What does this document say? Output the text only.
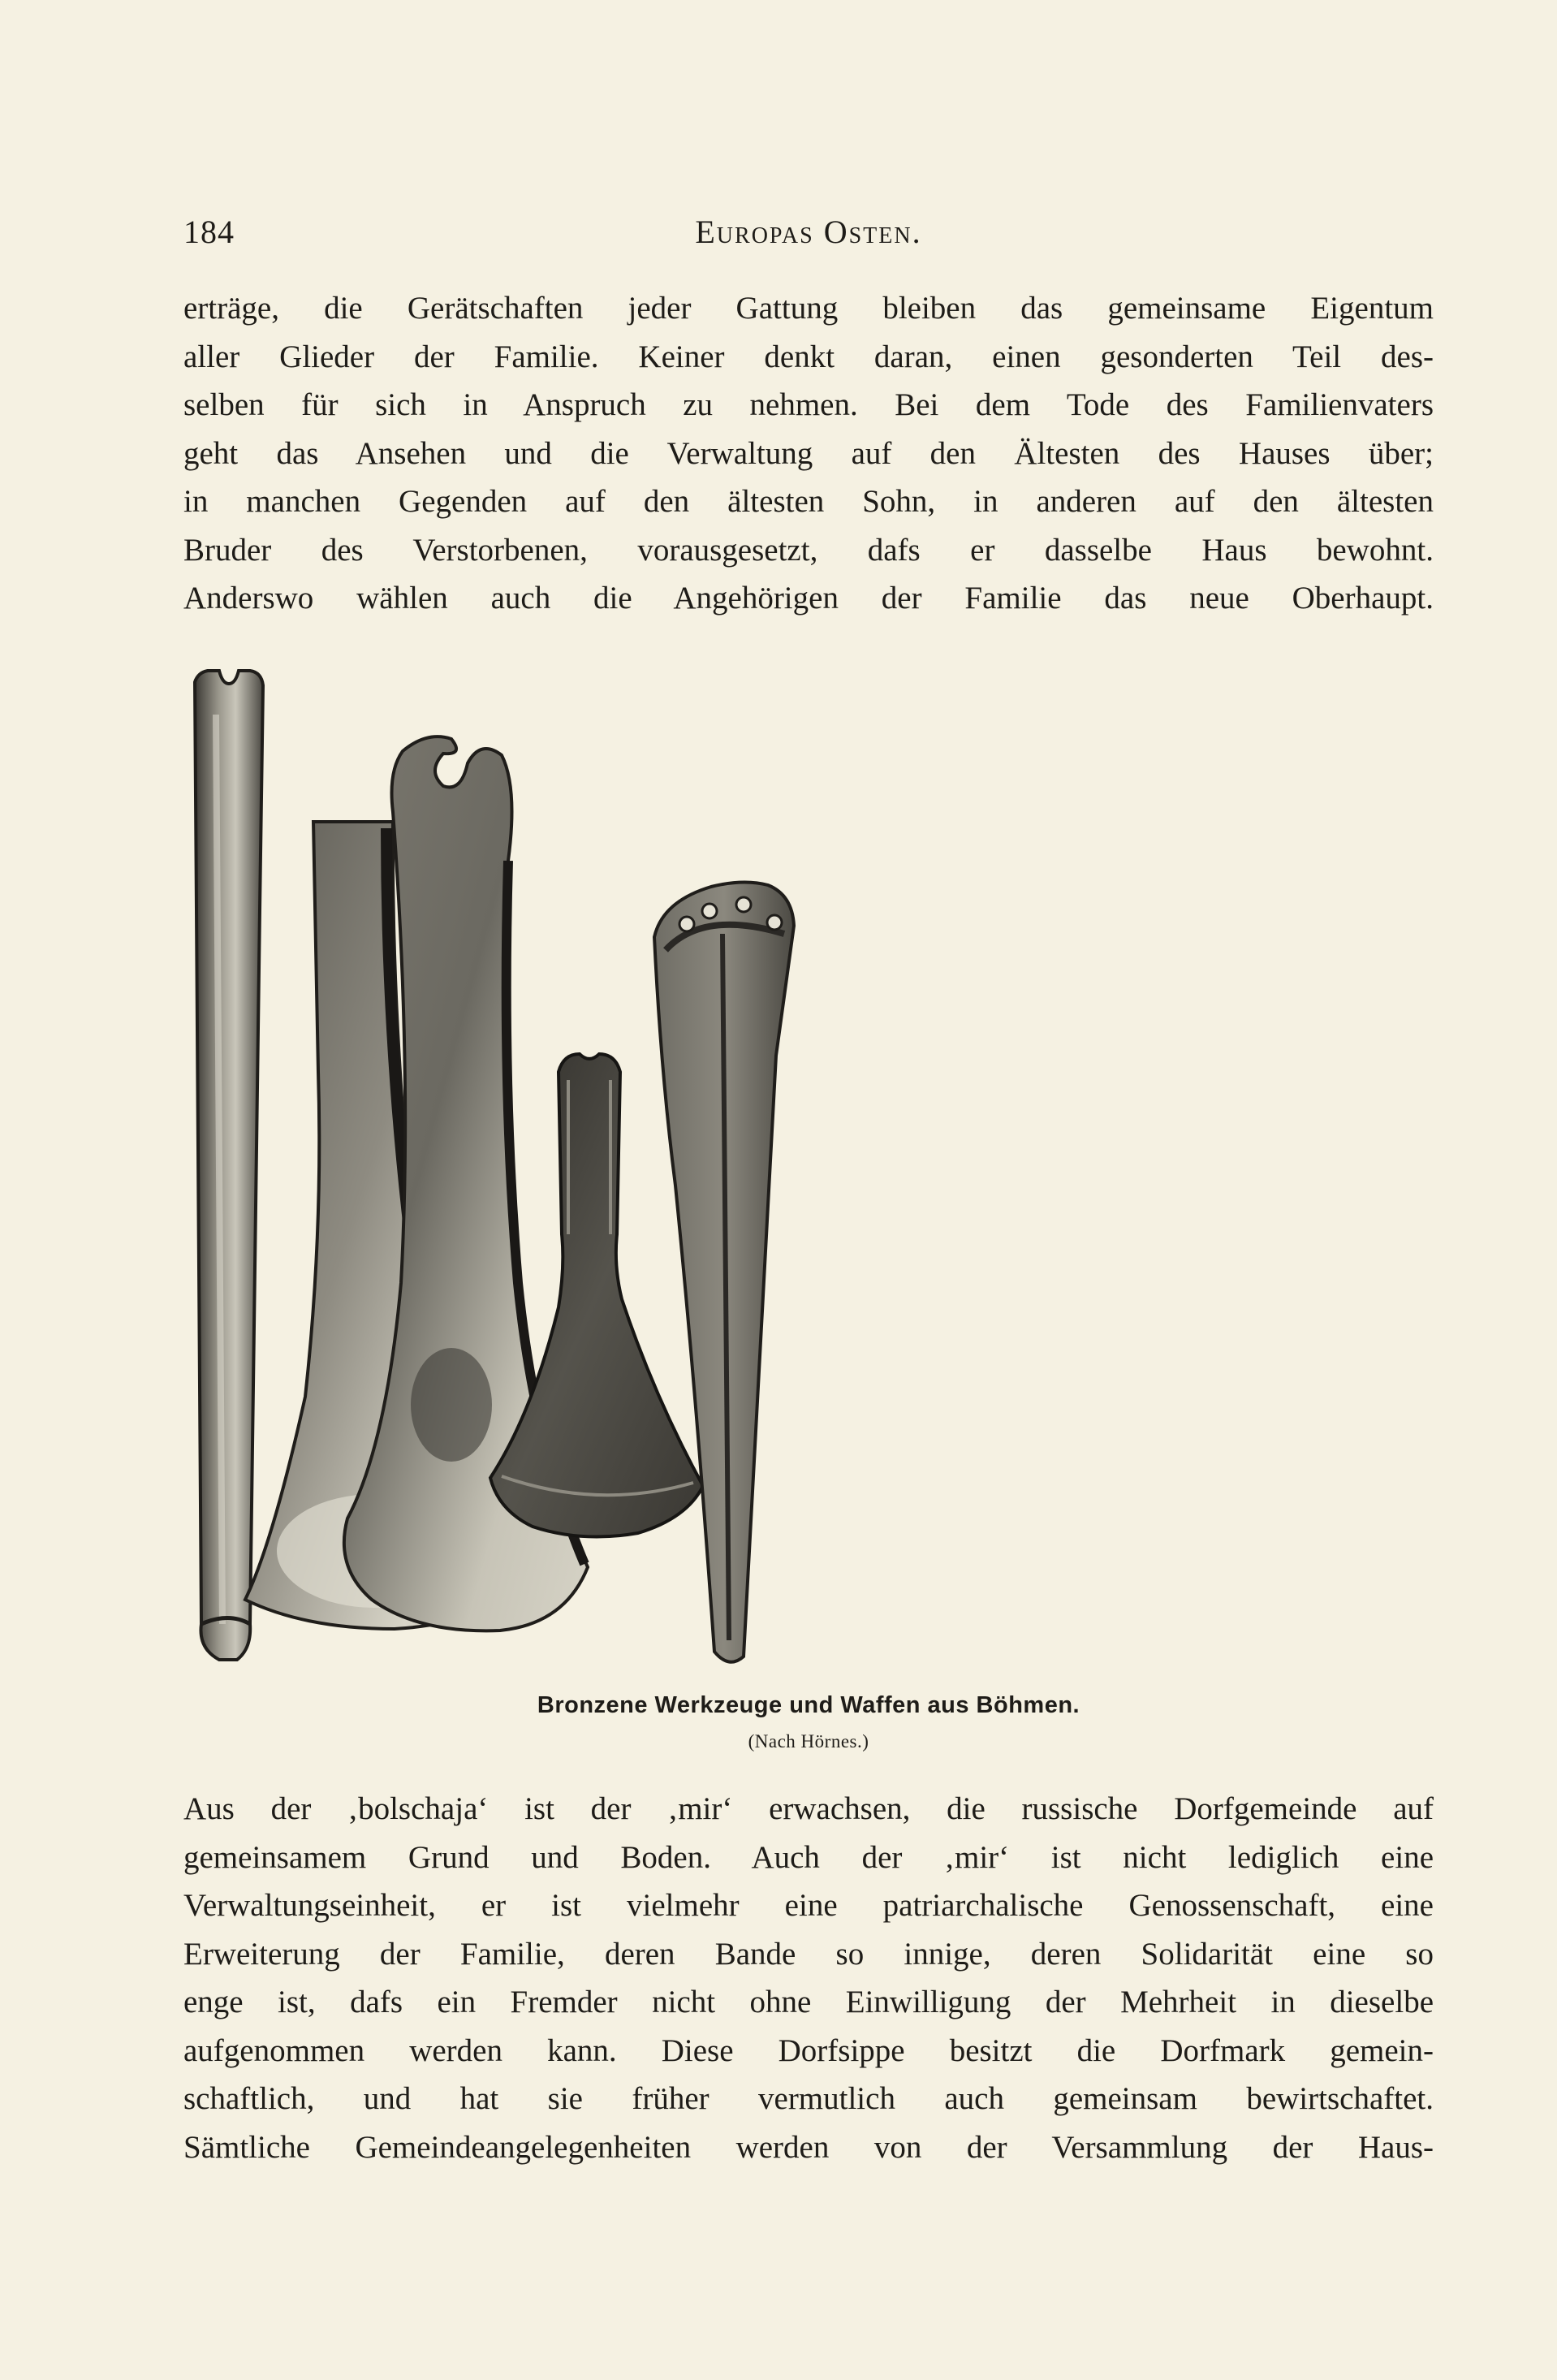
184	Europas Osten.
erträge, die Gerätschaften jeder Gattung bleiben das gemeinsame Eigentum
aller Glieder der Familie. Keiner denkt daran, einen gesonderten Teil des-
selben für sich in Anspruch zu nehmen. Bei dem Tode des Familienvaters
geht das Ansehen und die Verwaltung auf den Ältesten des Hauses über;
in manchen Gegenden auf den ältesten Sohn, in anderen auf den ältesten
Bruder des Verstorbenen, vorausgesetzt, dafs er dasselbe Haus bewohnt.
Anderswo wählen auch die Angehörigen der Familie das neue Oberhaupt.
Bronzene Werkzeuge und Waffen aus Böhmen.
(Nach Hörnes.)
Aus der ‚bolschaja‘ ist der ‚mir‘ erwachsen, die russische Dorfgemeinde auf
gemeinsamem Grund und Boden. Auch der ‚mir‘ ist nicht lediglich eine
Verwaltungseinheit, er ist vielmehr eine patriarchalische Genossenschaft, eine
Erweiterung der Familie, deren Bande so innige, deren Solidarität eine so
enge ist, dafs ein Fremder nicht ohne Einwilligung der Mehrheit in dieselbe
aufgenommen werden kann. Diese Dorfsippe besitzt die Dorfmark gemein-
schaftlich, und hat sie früher vermutlich auch gemeinsam bewirtschaftet.
Sämtliche Gemeindeangelegenheiten werden von der Versammlung der Haus-
